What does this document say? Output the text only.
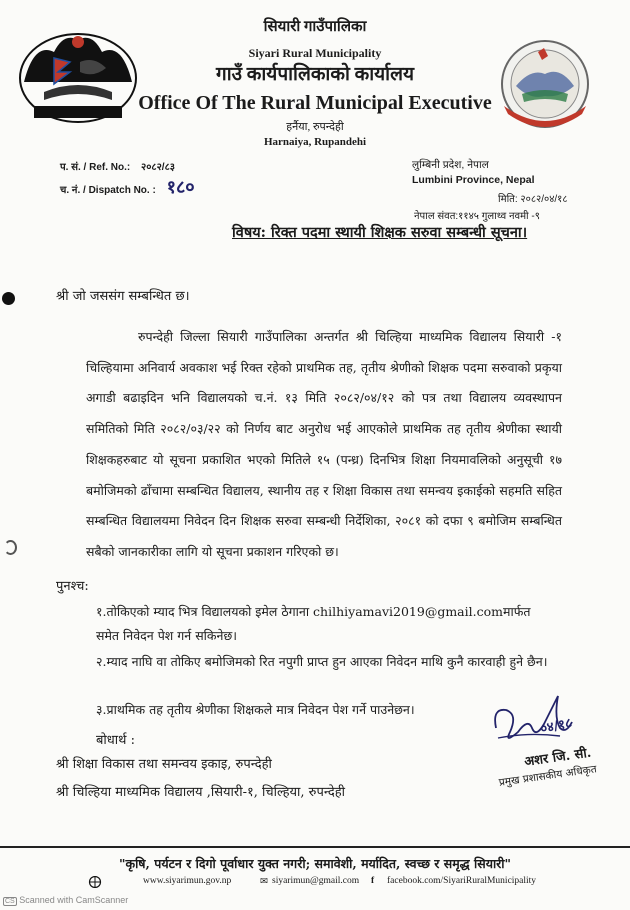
सियारी गाउँपालिका
Siyari Rural Municipality
गाउँ कार्यपालिकाको कार्यालय
Office Of The Rural Municipal Executive
हर्नैया, रुपन्देही
Harnaiya, Rupandehi
प. सं. / Ref. No.: २०८२/८३
च. नं. / Dispatch No. : १८०
लुम्बिनी प्रदेश, नेपाल
Lumbini Province, Nepal
मिति: २०८२/०४/१८
नेपाल संवत:११४५ गुलाथ्व नवमी -९
विषय: रिक्त पदमा स्थायी शिक्षक सरुवा सम्बन्धी सूचना।
श्री जो जससंग सम्बन्धित छ।
रुपन्देही जिल्ला सियारी गाउँपालिका अन्तर्गत श्री चिल्हिया माध्यमिक विद्यालय सियारी -१ चिल्हियामा अनिवार्य अवकाश भई रिक्त रहेको प्राथमिक तह, तृतीय श्रेणीको शिक्षक पदमा सरुवाको प्रकृया अगाडी बढाइदिन भनि विद्यालयको च.नं. १३ मिति २०८२/०४/१२ को पत्र तथा विद्यालय व्यवस्थापन समितिको मिति २०८२/०३/२२ को निर्णय बाट अनुरोध भई आएकोले प्राथमिक तह तृतीय श्रेणीका स्थायी शिक्षकहरुबाट यो सूचना प्रकाशित भएको मितिले १५ (पन्ध्र) दिनभित्र शिक्षा नियमावलिको अनुसूची १७ बमोजिमको ढाँचामा सम्बन्धित विद्यालय, स्थानीय तह र शिक्षा विकास तथा समन्वय इकाईको सहमति सहित सम्बन्धित विद्यालयमा निवेदन दिन शिक्षक सरुवा सम्बन्धी निर्देशिका, २०८१ को दफा ९ बमोजिम सम्बन्धित सबैको जानकारीका लागि यो सूचना प्रकाशन गरिएको छ।
पुनश्च:
१.तोकिएको म्याद भित्र विद्यालयको इमेल ठेगाना chilhiyamavi2019@gmail.comमार्फत समेत निवेदन पेश गर्न सकिनेछ।
२.म्याद नाघि वा तोकिए बमोजिमको रित नपुगी प्राप्त हुन आएका निवेदन माथि कुनै कारवाही हुने छैन।
३.प्राथमिक तह तृतीय श्रेणीका शिक्षकले मात्र निवेदन पेश गर्ने पाउनेछन।
बोधार्थ :
श्री शिक्षा विकास तथा समन्वय इकाइ, रुपन्देही
श्री चिल्हिया माध्यमिक विद्यालय ,सियारी-१, चिल्हिया, रुपन्देही
०४/१८
अशर जि. सी.
प्रमुख प्रशासकीय अधिकृत
"कृषि, पर्यटन र दिगो पूर्वाधार युक्त नगरी; समावेशी, मर्यादित, स्वच्छ र समृद्ध सियारी"
www.siyarimun.gov.np	✉ siyarimun@gmail.com f facebook.com/SiyariRuralMunicipality
CS Scanned with CamScanner
